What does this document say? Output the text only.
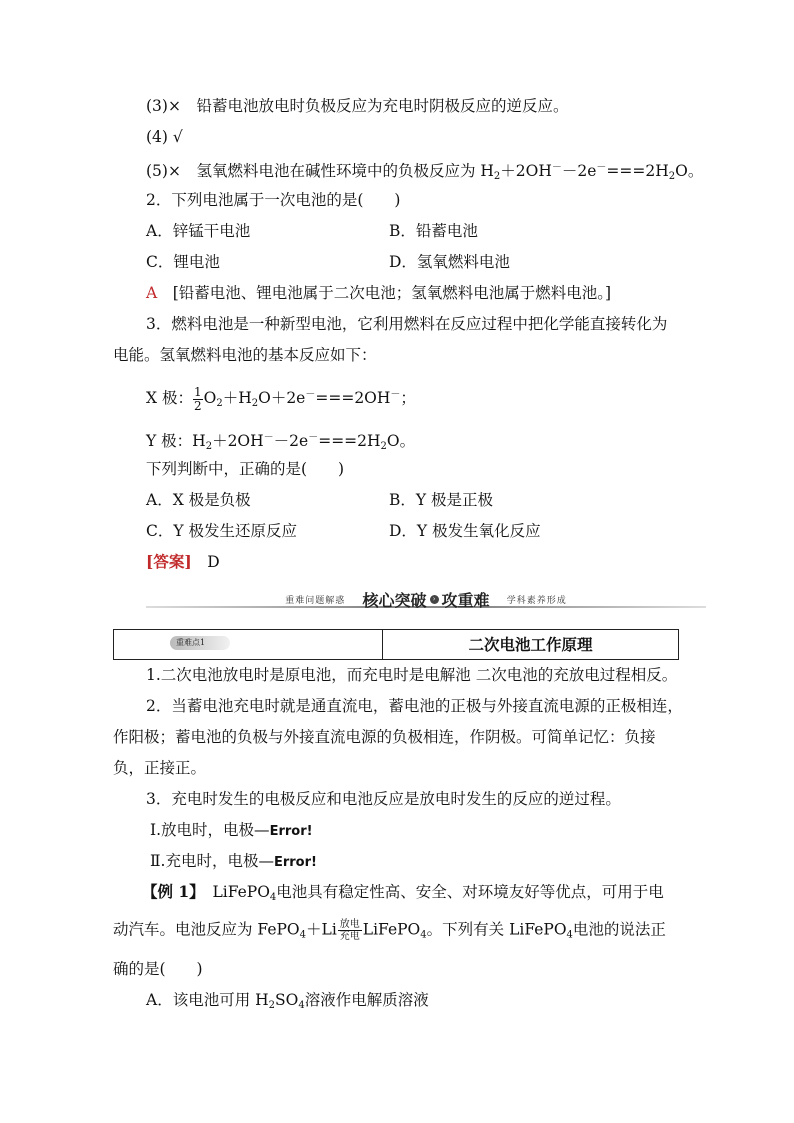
(3)×　铅蓄电池放电时负极反应为充电时阴极反应的逆反应。
(4) √
(5)×　氢氧燃料电池在碱性环境中的负极反应为 $H_2+2OH^--2e^-===2H_2O$。
2．下列电池属于一次电池的是(　　)
A．锌锰干电池	B．铅蓄电池
C．锂电池	D．氢氧燃料电池
A　 [铅蓄电池、锂电池属于二次电池；氢氧燃料电池属于燃料电池。]
3．燃料电池是一种新型电池，它利用燃料在反应过程中把化学能直接转化为
电能。氢氧燃料电池的基本反应如下：
X 极： $\frac{1}{2} O_2+H_2O+2e^-===2OH^-$；
Y 极：$H_2+2OH^--2e^-===2H_2O$。
下列判断中，正确的是(　　)
A．X 极是负极	B．Y 极是正极
C．Y 极发生还原反应	D．Y 极发生氧化反应
[答案]　 D
重难问题解惑 核心突破 › 攻重难 学科素养形成
重难点1	二次电池工作原理
1.二次电池放电时是原电池，而充电时是电解池 二次电池的充放电过程相反。
2．当蓄电池充电时就是通直流电，蓄电池的正极与外接直流电源的正极相连，
作阳极；蓄电池的负极与外接直流电源的负极相连，作阴极。可简单记忆：负接
负，正接正。
3．充电时发生的电极反应和电池反应是放电时发生的反应的逆过程。
Ⅰ.放电时，电极—Error!
Ⅱ.充电时，电极—Error!
【例 1】　 LiFePO$_4$电池具有稳定性高、安全、对环境友好等优点，可用于电
动汽车。电池反应为 FePO$_4$＋Li 放电
充电 LiFePO$_4$。下列有关 LiFePO$_4$电池的说法正
确的是(　　)
A．该电池可用 $H_2SO_4$溶液作电解质溶液
